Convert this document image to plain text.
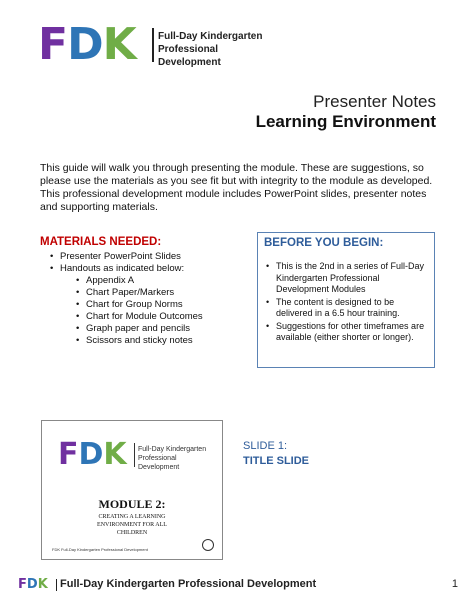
FDK Full-Day Kindergarten
Professional Development
Presenter Notes
Learning Environment
This guide will walk you through presenting the module. These are suggestions, so please use the materials as you see fit but with integrity to the module as developed. This professional development module includes PowerPoint slides, presenter notes and supporting materials.
MATERIALS NEEDED:
• Presenter PowerPoint Slides
• Handouts as indicated below:
• Appendix A
• Chart Paper/Markers
• Chart for Group Norms
• Chart for Module Outcomes
• Graph paper and pencils
• Scissors and sticky notes
BEFORE YOU BEGIN:
• This is the 2nd in a series of Full-Day Kindergarten Professional Development Modules
• The content is designed to be delivered in a 6.5 hour training.
• Suggestions for other timeframes are available (either shorter or longer).
FDK Full-Day Kindergarten
Professional Development
MODULE 2:
CREATING A LEARNING
ENVIRONMENT FOR ALL
CHILDREN
FDK Full-Day Kindergarten Professional Development
SLIDE 1:
TITLE SLIDE
FDK Full-Day Kindergarten Professional Development	1
